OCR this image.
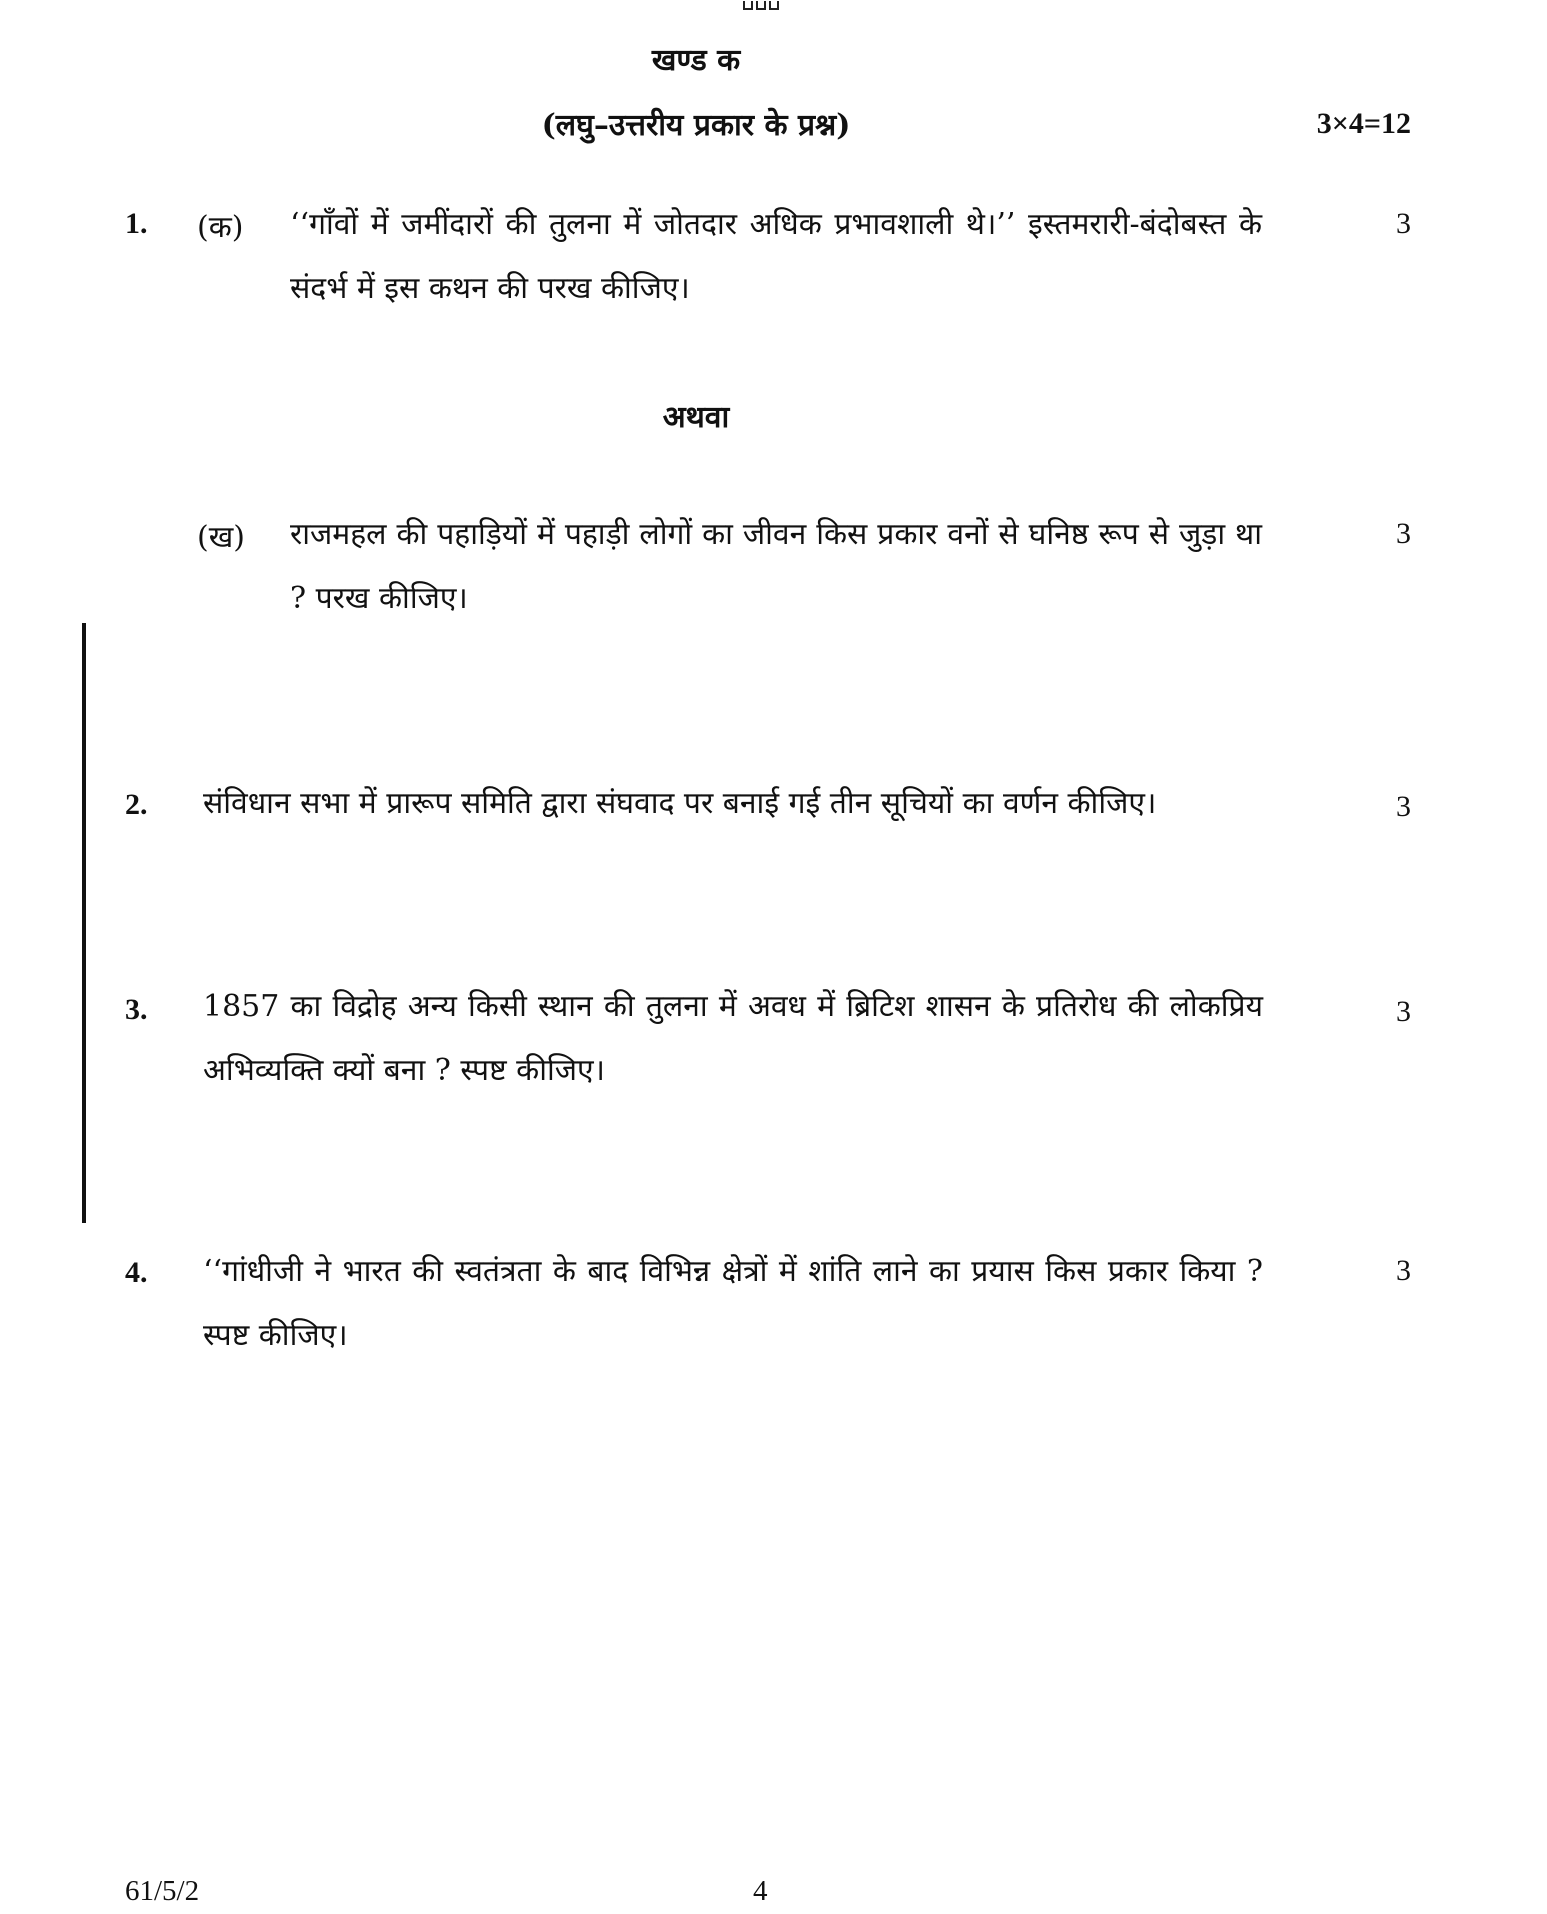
खण्ड क
(लघु–उत्तरीय प्रकार के प्रश्न)	3×4=12
1. (क) ‘‘गाँवों में जमींदारों की तुलना में जोतदार अधिक प्रभावशाली थे।’’ इस्तमरारी-बंदोबस्त के संदर्भ में इस कथन की परख कीजिए।
3
अथवा
(ख) राजमहल की पहाड़ियों में पहाड़ी लोगों का जीवन किस प्रकार वनों से घनिष्ठ रूप से जुड़ा था ? परख कीजिए।
3
2. संविधान सभा में प्रारूप समिति द्वारा संघवाद पर बनाई गई तीन सूचियों का वर्णन कीजिए।	3
3. 1857 का विद्रोह अन्य किसी स्थान की तुलना में अवध में ब्रिटिश शासन के प्रतिरोध की लोकप्रिय अभिव्यक्ति क्यों बना ? स्पष्ट कीजिए।
3
4. ‘‘गांधीजी ने भारत की स्वतंत्रता के बाद विभिन्न क्षेत्रों में शांति लाने का प्रयास किस प्रकार किया ? स्पष्ट कीजिए।
3
61/5/2	4
